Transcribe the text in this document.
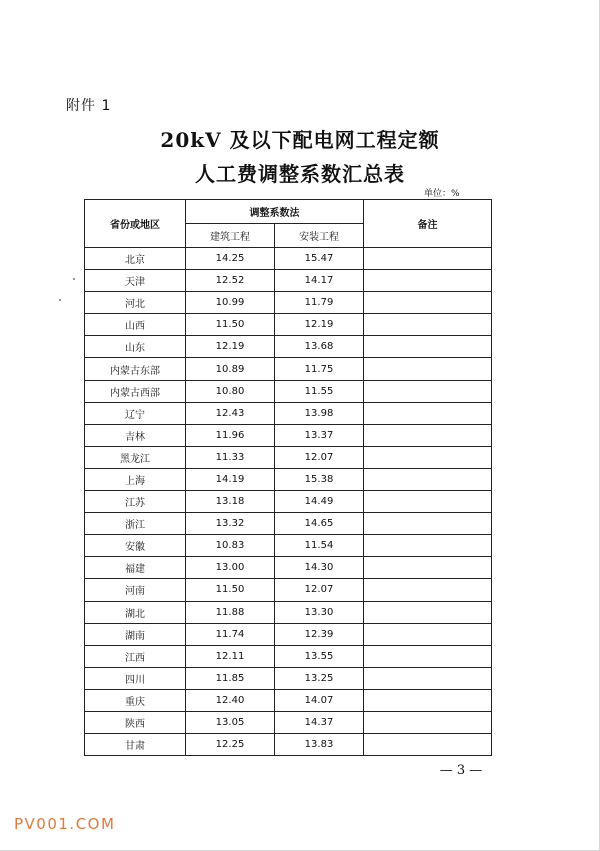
附件 1
20kV 及以下配电网工程定额
人工费调整系数汇总表
单位：%
省份或地区	调整系数法		备注
	建筑工程	安装工程	
北京	14.25	15.47	
天津	12.52	14.17	
河北	10.99	11.79	
山西	11.50	12.19	
山东	12.19	13.68	
内蒙古东部	10.89	11.75	
内蒙古西部	10.80	11.55	
辽宁	12.43	13.98	
吉林	11.96	13.37	
黑龙江	11.33	12.07	
上海	14.19	15.38	
江苏	13.18	14.49	
浙江	13.32	14.65	
安徽	10.83	11.54	
福建	13.00	14.30	
河南	11.50	12.07	
湖北	11.88	13.30	
湖南	11.74	12.39	
江西	12.11	13.55	
四川	11.85	13.25	
重庆	12.40	14.07	
陕西	13.05	14.37	
甘肃	12.25	13.83	
— 3 —
PV001.COM
